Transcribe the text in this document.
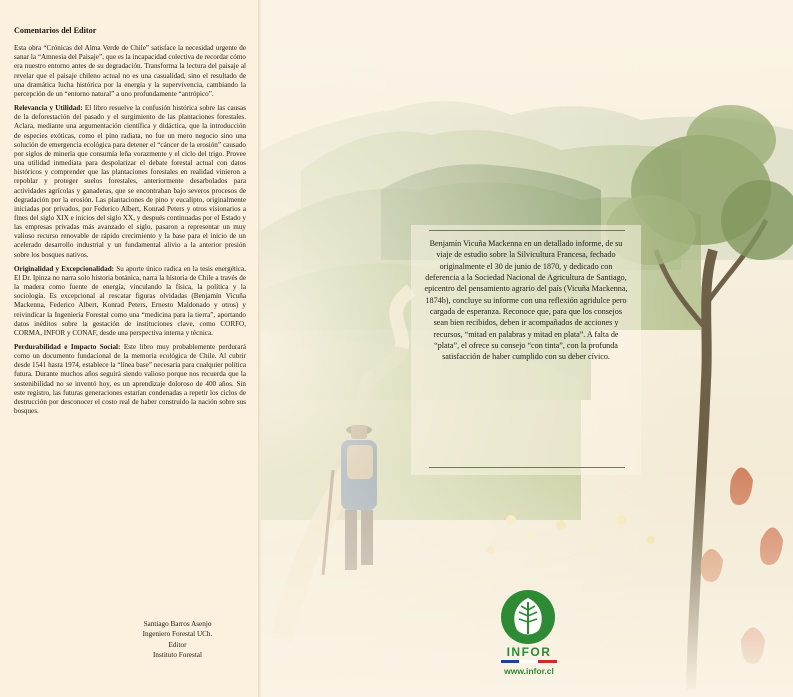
Comentarios del Editor

Esta obra “Crónicas del Alma Verde de Chile” satisface la necesidad urgente de sanar la “Amnesia del Paisaje”, que es la incapacidad colectiva de recordar cómo era nuestro entorno antes de su degradación. Transforma la lectura del paisaje al revelar que el paisaje chileno actual no es una casualidad, sino el resultado de una dramática lucha histórica por la energía y la supervivencia, cambiando la percepción de un “entorno natural” a uno profundamente “antrópico”.

Relevancia y Utilidad: El libro resuelve la confusión histórica sobre las causas de la deforestación del pasado y el surgimiento de las plantaciones forestales. Aclara, mediante una argumentación científica y didáctica, que la introducción de especies exóticas, como el pino radiata, no fue un mero negocio sino una solución de emergencia ecológica para detener el “cáncer de la erosión” causado por siglos de minería que consumía leña vorazmente y el ciclo del trigo. Provee una utilidad inmediata para despolarizar el debate forestal actual con datos históricos y comprender que las plantaciones forestales en realidad vinieron a repoblar y proteger suelos forestales, anteriormente desarbolados para actividades agrícolas y ganaderas, que se encontraban bajo severos procesos de degradación por la erosión. Las plantaciones de pino y eucalipto, originalmente iniciadas por privados, por Federico Albert, Konrad Peters y otros visionarios a fines del siglo XIX e inicios del siglo XX, y después continuadas por el Estado y las empresas privadas más avanzado el siglo, pasaron a representar un muy valioso recurso renovable de rápido crecimiento y la base para el inicio de un acelerado desarrollo industrial y un fundamental alivio a la anterior presión sobre los bosques nativos.

Originalidad y Excepcionalidad: Su aporte único radica en la tesis energética. El Dr. Ipinza no narra solo historia botánica, narra la historia de Chile a través de la madera como fuente de energía, vinculando la física, la política y la sociología. Es excepcional al rescatar figuras olvidadas (Benjamín Vicuña Mackenna, Federico Albert, Konrad Peters, Ernesto Maldonado y otros) y reivindicar la Ingeniería Forestal como una “medicina para la tierra”, aportando datos inéditos sobre la gestación de instituciones clave, como CORFO, CORMA, INFOR y CONAF, desde una perspectiva interna y técnica.

Perdurabilidad e Impacto Social: Este libro muy probablemente perdurará como un documento fundacional de la memoria ecológica de Chile. Al cubrir desde 1541 hasta 1974, establece la “línea base” necesaria para cualquier política futura. Durante muchos años seguirá siendo valioso porque nos recuerda que la sostenibilidad no se inventó hoy, es un aprendizaje doloroso de 400 años. Sin este registro, las futuras generaciones estarían condenadas a repetir los ciclos de destrucción por desconocer el costo real de haber construido la nación sobre sus bosques.

Santiago Barros Asenjo
Ingeniero Forestal UCh.
Editor
Instituto Forestal
Benjamín Vicuña Mackenna en un detallado informe, de su viaje de estudio sobre la Silvicultura Francesa, fechado originalmente el 30 de junio de 1870, y dedicado con deferencia a la Sociedad Nacional de Agricultura de Santiago, epicentro del pensamiento agrario del país (Vicuña Mackenna, 1874b), concluye su informe con una reflexión agridulce pero cargada de esperanza. Reconoce que, para que los consejos sean bien recibidos, deben ir acompañados de acciones y recursos, “mitad en palabras y mitad en plata”. A falta de “plata”, el ofrece su consejo “con tinta”, con la profunda satisfacción de haber cumplido con su deber cívico.
INFOR
www.infor.cl
